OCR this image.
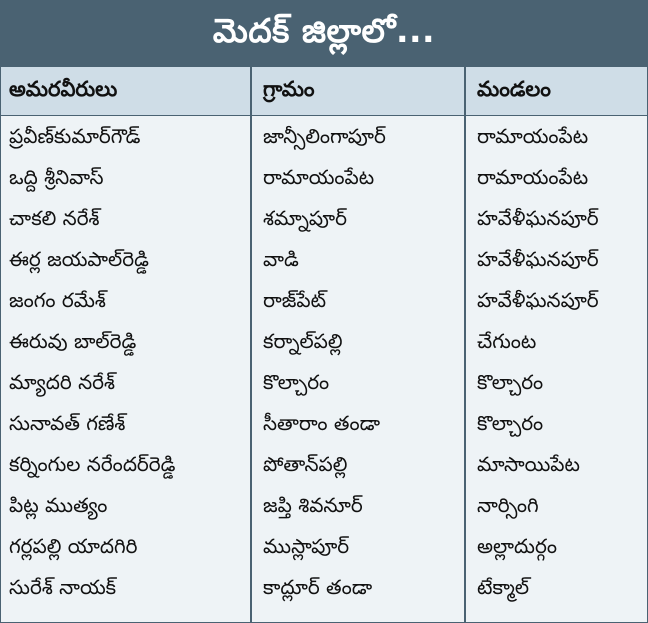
మెదక్ జిల్లాలో...
అమరవీరులు	గ్రామం	మండలం
ప్రవీణ్‌కుమార్‌గౌడ్	జాన్సీలింగాపూర్	రామాయంపేట
ఒద్ది శ్రీనివాస్	రామాయంపేట	రామాయంపేట
చాకలి నరేశ్	శమ్నాపూర్	హవేళీఘనపూర్
ఈర్ల జయపాల్‌రెడ్డి	వాడి	హవేళీఘనపూర్
జంగం రమేశ్	రాజ్‌పేట్	హవేళీఘనపూర్
ఈరువు బాల్‌రెడ్డి	కర్నాల్‌పల్లి	చేగుంట
మ్యాదరి నరేశ్	కొల్చారం	కొల్చారం
సునావత్ గణేశ్	సీతారాం తండా	కొల్చారం
కర్నింగుల నరేందర్‌రెడ్డి	పోతాన్‌పల్లి	మాసాయిపేట
పిట్ల ముత్యం	జప్తి శివనూర్	నార్సింగి
గర్లపల్లి యాదగిరి	ముస్లాపూర్	అల్లాదుర్గం
సురేశ్ నాయక్	కాద్లూర్ తండా	టేక్మాల్
